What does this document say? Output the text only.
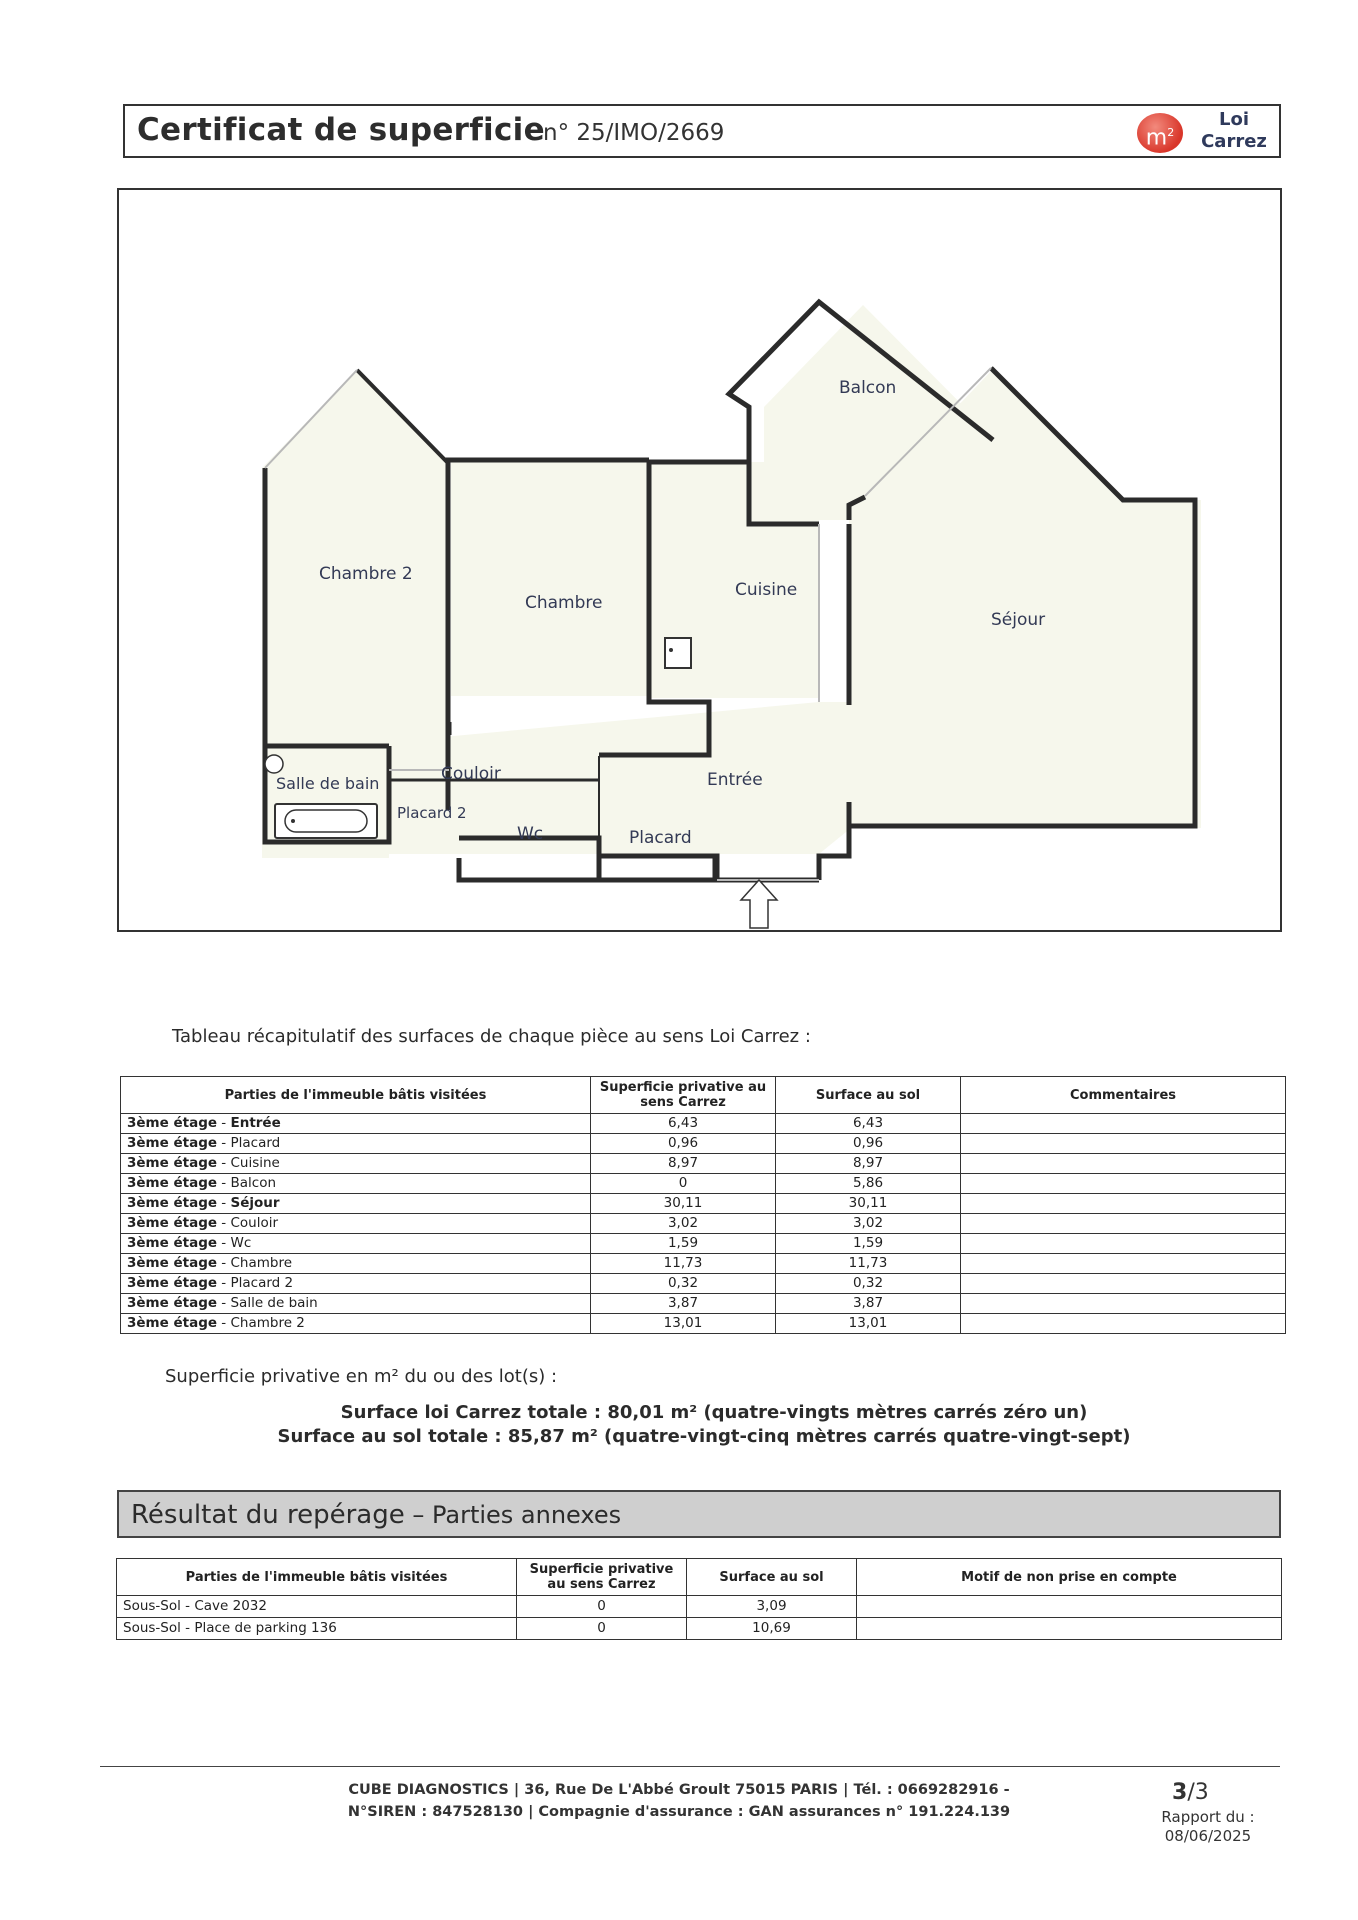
Certificat de superficie
n° 25/IMO/2669	$m^2$
Loi
Carrez
Balcon
Chambre 2
Chambre
Cuisine
Séjour
Salle de bain	Couloir	Entrée
Placard 2
Wc	Placard
Tableau récapitulatif des surfaces de chaque pièce au sens Loi Carrez :
Parties de l'immeuble bâtis visitées	Superficie privative au
sens Carrez	Surface au sol	Commentaires
3ème étage - Entrée	6,43	6,43	
3ème étage - Placard	0,96	0,96	
3ème étage - Cuisine	8,97	8,97	
3ème étage - Balcon	0	5,86	
3ème étage - Séjour	30,11	30,11	
3ème étage - Couloir	3,02	3,02	
3ème étage - Wc	1,59	1,59	
3ème étage - Chambre	11,73	11,73	
3ème étage - Placard 2	0,32	0,32	
3ème étage - Salle de bain	3,87	3,87	
3ème étage - Chambre 2	13,01	13,01	
Superficie privative en m² du ou des lot(s) :
Surface loi Carrez totale : 80,01 m² (quatre-vingts mètres carrés zéro un)
Surface au sol totale : 85,87 m² (quatre-vingt-cinq mètres carrés quatre-vingt-sept)
Résultat du repérage – Parties annexes
Parties de l'immeuble bâtis visitées	Superficie privative
au sens Carrez	Surface au sol	Motif de non prise en compte
Sous-Sol - Cave 2032	0	3,09	
Sous-Sol - Place de parking 136	0	10,69	
CUBE DIAGNOSTICS | 36, Rue De L'Abbé Groult 75015 PARIS | Tél. : 0669282916 -
N°SIREN : 847528130 | Compagnie d'assurance : GAN assurances n° 191.224.139
3/3
Rapport du :
08/06/2025
